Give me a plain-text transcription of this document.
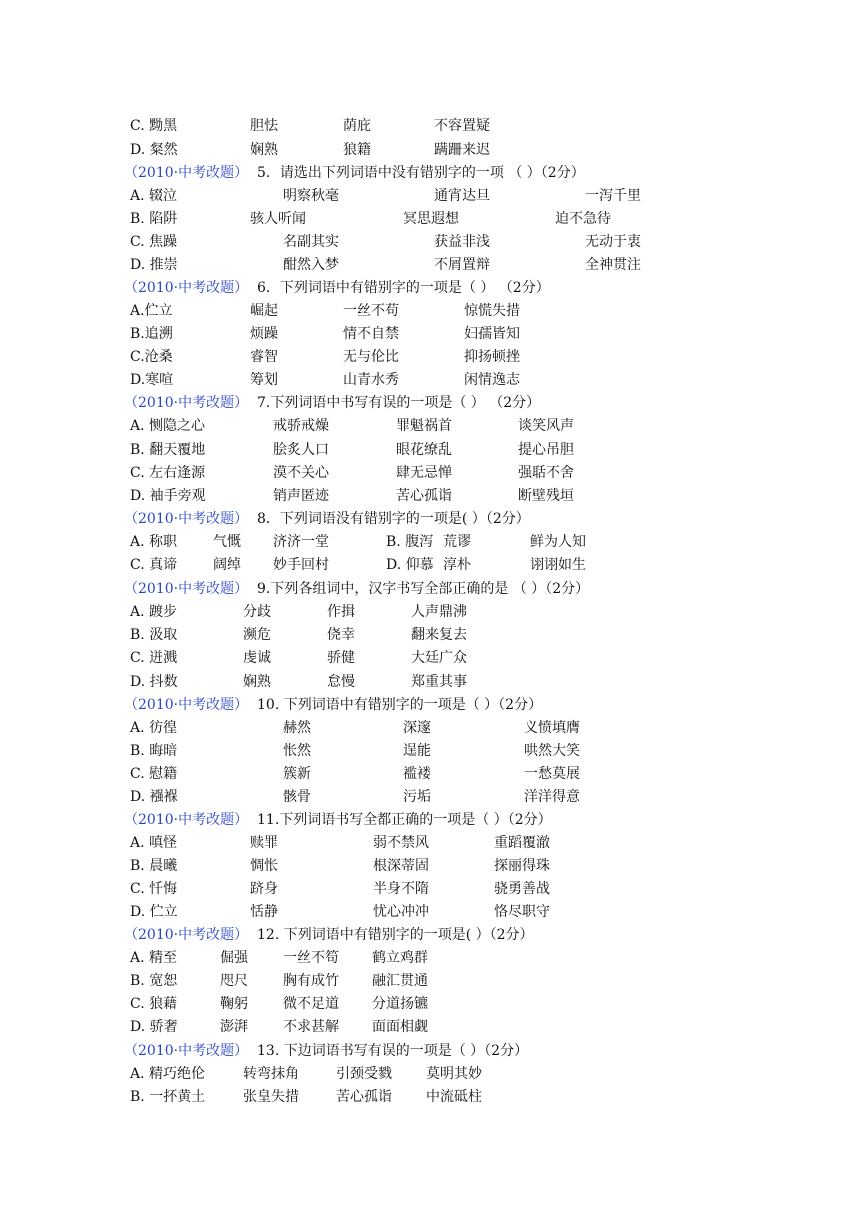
C. 黝黑	胆怯	荫庇	不容置疑
D. 粲然	娴熟	狼籍	蹒跚来迟
（2010·中考改题） 5．请选出下列词语中没有错别字的一项 （ ）（2分）
A. 辍泣	明察秋毫	通宵达旦	一泻千里
B. 陷阱	骇人听闻	冥思遐想	迫不急待
C. 焦躁	名副其实	获益非浅	无动于衷
D. 推崇	酣然入梦	不屑置辩	全神贯注
（2010·中考改题） 6．下列词语中有错别字的一项是（ ） （2分）
A.伫立	崛起	一丝不苟	惊慌失措
B.追溯	烦躁	情不自禁	妇孺皆知
C.沧桑	睿智	无与伦比	抑扬顿挫
D.寒喧	筹划	山青水秀	闲情逸志
（2010·中考改题） 7.下列词语中书写有误的一项是（ ） （2分）
A. 恻隐之心	戒骄戒燥	罪魁祸首	谈笑风声
B. 翻天覆地	脍炙人口	眼花缭乱	提心吊胆
C. 左右逢源	漠不关心	肆无忌惮	强聒不舍
D. 袖手旁观	销声匿迹	苦心孤诣	断壁残垣
（2010·中考改题） 8．下列词语没有错别字的一项是( ）（2分）
A. 称职	气慨 济济一堂	B. 腹泻 荒谬	鲜为人知
C. 真谛	阔绰 妙手回村	D. 仰慕 淳朴	诩诩如生
（2010·中考改题） 9.下列各组词中，汉字书写全部正确的是 （ ）（2分）
A. 踱步	分歧	作揖	人声鼎沸
B. 汲取	濒危	侥幸	翻来复去
C. 迸溅	虔诚	骄健	大廷广众
D. 抖数	娴熟	怠慢	郑重其事
（2010·中考改题） 10. 下列词语中有错别字的一项是（ ）（2分）
A. 彷徨	赫然	深邃	义愤填膺
B. 晦暗	怅然	逞能	哄然大笑
C. 慰籍	簇新	褴褛	一愁莫展
D. 襁褓	骸骨	污垢	洋洋得意
（2010·中考改题） 11.下列词语书写全都正确的一项是（ ）（2分）
A. 嗔怪	赎罪	弱不禁风	重蹈覆澈
B. 晨曦	惆怅	根深蒂固	探丽得珠
C. 忏悔	跻身	半身不隋	骁勇善战
D. 伫立	恬静	忧心冲冲	恪尽职守
（2010·中考改题） 12. 下列词语中有错别字的一项是( ）（2分）
A. 精至	倔强	一丝不笱 鹤立鸡群
B. 宽恕	咫尺	胸有成竹 融汇贯通
C. 狼藉	鞠躬	微不足道 分道扬镳
D. 骄奢	澎湃	不求甚解 面面相觑
（2010·中考改题） 13. 下边词语书写有误的一项是（ ）（2分）
A. 精巧绝伦	转弯抹角	引颈受戮 莫明其妙
B. 一抔黄土	张皇失措	苦心孤诣 中流砥柱
